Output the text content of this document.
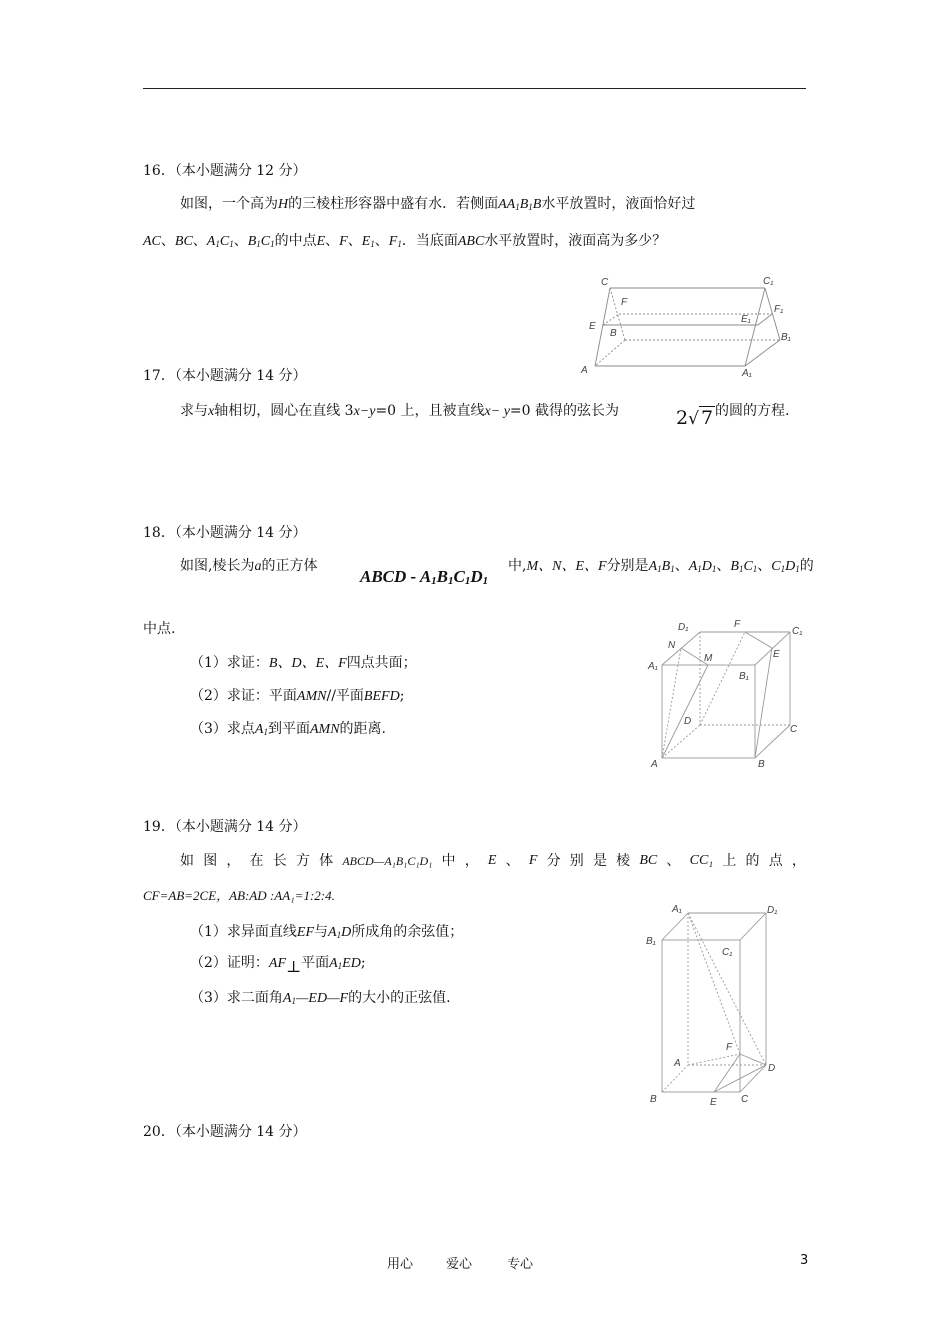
16．（本小题满分 12 分）
如图，一个高为H的三棱柱形容器中盛有水．若侧面$AA_1B_1B$水平放置时，液面恰好过
AC、BC、$A_1C_1$、$B_1C_1$的中点E、F、$E_1$、$F_1$．当底面ABC水平放置时，液面高为多少？
C	C₁
F
F₁
E
E₁
B	B₁
A	A₁
17．（本小题满分 14 分）
求与x轴相切，圆心在直线 3x−y=0 上，且被直线x− y=0 截得的弦长为	2√ 7 的圆的方程.
18．（本小题满分 14 分）
如图,棱长为a的正方体
ABCD - $A_1B_1C_1D_1$
中,M、N、E、F分别是$A_1B_1$、$A_1D_1$、$B_1C_1$、$C_1D_1$的
中点.
（1）求证：B、D、E、F四点共面；
（2）求证：平面AMN//平面BEFD;
（3）求点$A_1$到平面AMN的距离.
D₁	F
C₁
N
M	E
A₁
B₁
D
C
A	B
19．（本小题满分 14 分）
如 图 ， 在 长 方 体 ABCD—A₁B₁C₁D₁ 中 ， E 、 F 分 别 是 棱 BC 、 CC₁ 上 的 点 ，
CF=AB=2CE，AB:AD :AA₁=1:2:4.
（1）求异面直线EF与$A_1D$所成角的余弦值；
（2）证明：AF⊥平面$A_1ED$;
（3）求二面角$A_1—ED—F$的大小的正弦值.
A₁	D₁
B₁
C₁
A
F
D
B	E C
20．（本小题满分 14 分）
用心	爱心	专心	3
